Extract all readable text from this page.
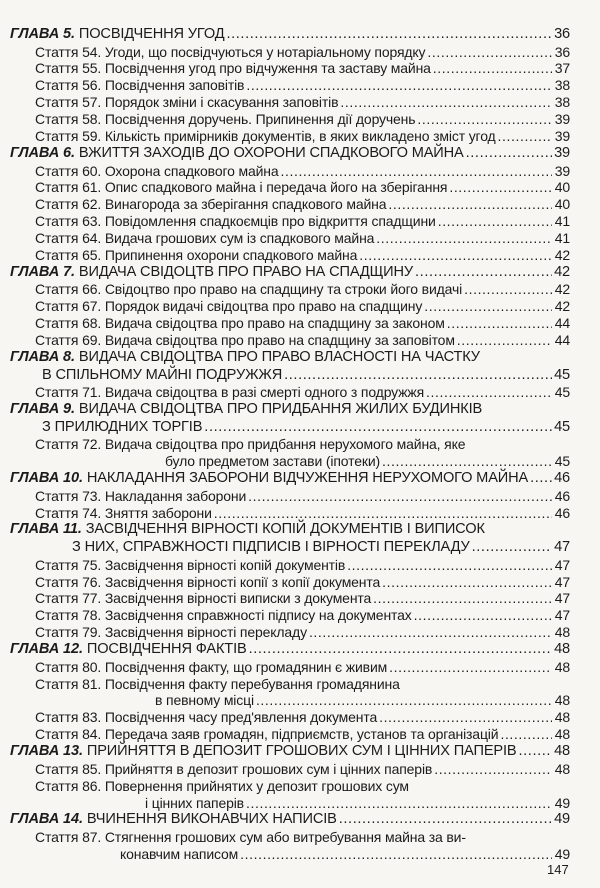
ГЛАВА 5. ПОСВІДЧЕННЯ УГОД .....	36
Стаття 54. Угоди, що посвідчуються у нотаріальному порядку .....	36
Стаття 55. Посвідчення угод про відчуження та заставу майна .....	37
Стаття 56. Посвідчення заповітів .....	38
Стаття 57. Порядок зміни і скасування заповітів .....	38
Стаття 58. Посвідчення доручень. Припинення дії доручень .....	39
Стаття 59. Кількість примірників документів, в яких викладено зміст угод .....	39
ГЛАВА 6. ВЖИТТЯ ЗАХОДІВ ДО ОХОРОНИ СПАДКОВОГО МАЙНА .....	39
Стаття 60. Охорона спадкового майна .....	39
Стаття 61. Опис спадкового майна і передача його на зберігання .....	40
Стаття 62. Винагорода за зберігання спадкового майна .....	40
Стаття 63. Повідомлення спадкоємців про відкриття спадщини .....	41
Стаття 64. Видача грошових сум із спадкового майна .....	41
Стаття 65. Припинення охорони спадкового майна .....	42
ГЛАВА 7. ВИДАЧА СВІДОЦТВ ПРО ПРАВО НА СПАДЩИНУ .....	42
Стаття 66. Свідоцтво про право на спадщину та строки його видачі .....	42
Стаття 67. Порядок видачі свідоцтва про право на спадщину .....	42
Стаття 68. Видача свідоцтва про право на спадщину за законом .....	44
Стаття 69. Видача свідоцтва про право на спадщину за заповітом .....	44
ГЛАВА 8. ВИДАЧА СВІДОЦТВА ПРО ПРАВО ВЛАСНОСТІ НА ЧАСТКУ
В СПІЛЬНОМУ МАЙНІ ПОДРУЖЖЯ .....	45
Стаття 71. Видача свідоцтва в разі смерті одного з подружжя .....	45
ГЛАВА 9. ВИДАЧА СВІДОЦТВА ПРО ПРИДБАННЯ ЖИЛИХ БУДИНКІВ
З ПРИЛЮДНИХ ТОРГІВ .....	45
Стаття 72. Видача свідоцтва про придбання нерухомого майна, яке
було предметом застави (іпотеки) .....	45
ГЛАВА 10. НАКЛАДАННЯ ЗАБОРОНИ ВІДЧУЖЕННЯ НЕРУХОМОГО МАЙНА ..... 46
Стаття 73. Накладання заборони .....	46
Стаття 74. Зняття заборони .....	46
ГЛАВА 11. ЗАСВІДЧЕННЯ ВІРНОСТІ КОПІЙ ДОКУМЕНТІВ І ВИПИСОК
З НИХ, СПРАВЖНОСТІ ПІДПИСІВ І ВІРНОСТІ ПЕРЕКЛАДУ .....	47
Стаття 75. Засвідчення вірності копій документів .....	47
Стаття 76. Засвідчення вірності копії з копії документа .....	47
Стаття 77. Засвідчення вірності виписки з документа .....	47
Стаття 78. Засвідчення справжності підпису на документах .....	47
Стаття 79. Засвідчення вірності перекладу .....	48
ГЛАВА 12. ПОСВІДЧЕННЯ ФАКТІВ .....	48
Стаття 80. Посвідчення факту, що громадянин є живим .....	48
Стаття 81. Посвідчення факту перебування громадянина
в певному місці .....	48
Стаття 83. Посвідчення часу пред'явлення документа .....	48
Стаття 84. Передача заяв громадян, підприємств, установ та організацій .....	48
ГЛАВА 13. ПРИЙНЯТТЯ В ДЕПОЗИТ ГРОШОВИХ СУМ І ЦІННИХ ПАПЕРІВ .....	48
Стаття 85. Прийняття в депозит грошових сум і цінних паперів .....	48
Стаття 86. Повернення прийнятих у депозит грошових сум
і цінних паперів .....	49
ГЛАВА 14. ВЧИНЕННЯ ВИКОНАВЧИХ НАПИСІВ .....	49
Стаття 87. Стягнення грошових сум або витребування майна за ви-
конавчим написом .....	49
147
